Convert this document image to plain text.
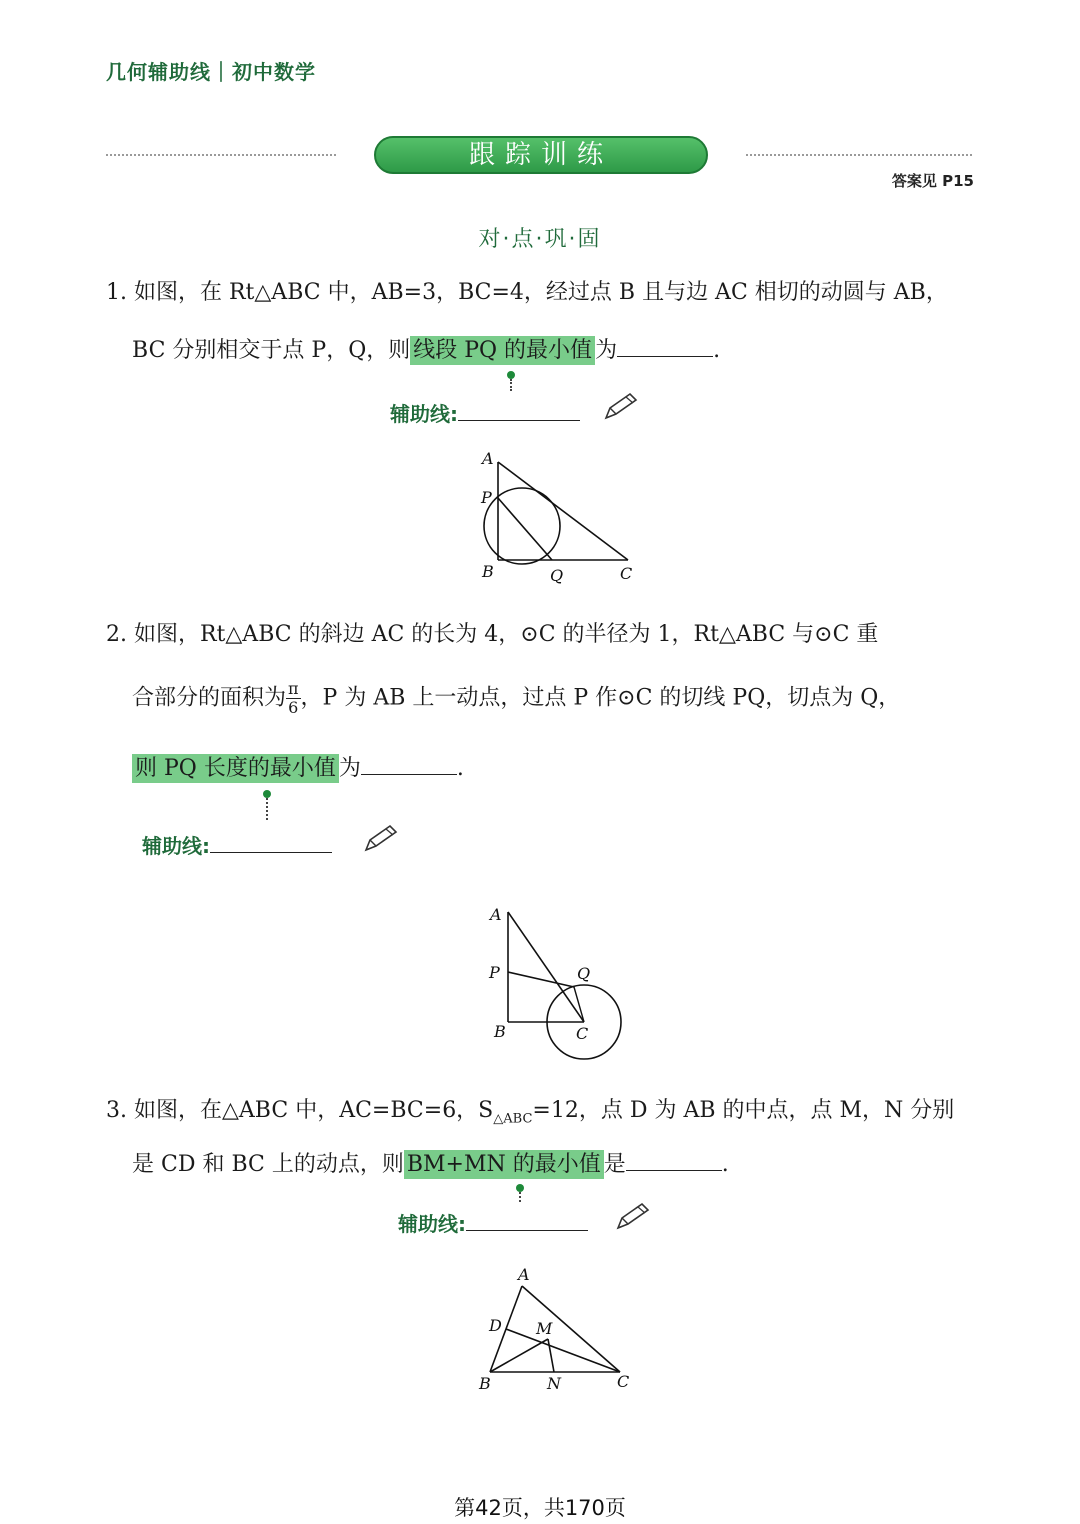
几何辅助线｜初中数学
跟踪训练
答案见 P15
对·点·巩·固
1. 如图，在 Rt△ABC 中，AB=3，BC=4，经过点 B 且与边 AC 相切的动圆与 AB，
BC 分别相交于点 P，Q，则 线段 PQ 的最小值 为	.
辅助线:
A
P
B	Q	C
2. 如图，Rt△ABC 的斜边 AC 的长为 4，⊙C 的半径为 1，Rt△ABC 与⊙C 重
合部分的面积为 $\frac{\pi}{6}$ ，P 为 AB 上一动点，过点 P 作⊙C 的切线 PQ，切点为 Q，
则 PQ 长度的最小值 为	.
辅助线:
A
P	Q
B	C
3. 如图，在△ABC 中，AC=BC=6，$S_{\triangle ABC}=12$，点 D 为 AB 的中点，点 M，N 分别
是 CD 和 BC 上的动点，则 BM+MN 的最小值 是	.
辅助线:
A
D M
B	N	C
第42页，共170页
